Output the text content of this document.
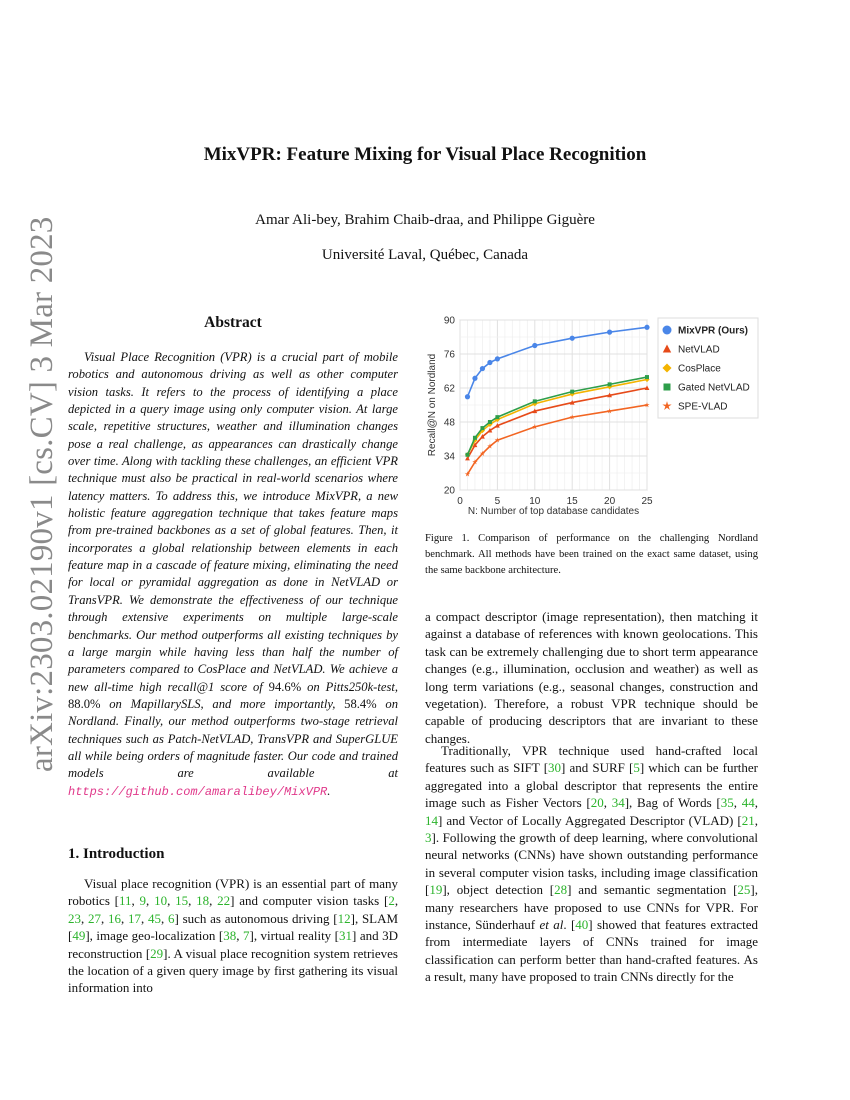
arXiv:2303.02190v1 [cs.CV] 3 Mar 2023
MixVPR: Feature Mixing for Visual Place Recognition
Amar Ali-bey, Brahim Chaib-draa, and Philippe Giguère
Université Laval, Québec, Canada
Abstract
Visual Place Recognition (VPR) is a crucial part of mobile robotics and autonomous driving as well as other computer vision tasks. It refers to the process of identifying a place depicted in a query image using only computer vision. At large scale, repetitive structures, weather and illumination changes pose a real challenge, as appearances can drastically change over time. Along with tackling these challenges, an efficient VPR technique must also be practical in real-world scenarios where latency matters. To address this, we introduce MixVPR, a new holistic feature aggregation technique that takes feature maps from pre-trained backbones as a set of global features. Then, it incorporates a global relationship between elements in each feature map in a cascade of feature mixing, eliminating the need for local or pyramidal aggregation as done in NetVLAD or TransVPR. We demonstrate the effectiveness of our technique through extensive experiments on multiple large-scale benchmarks. Our method outperforms all existing techniques by a large margin while having less than half the number of parameters compared to CosPlace and NetVLAD. We achieve a new all-time high recall@1 score of 94.6% on Pitts250k-test, 88.0% on MapillarySLS, and more importantly, 58.4% on Nordland. Finally, our method outperforms two-stage retrieval techniques such as Patch-NetVLAD, TransVPR and SuperGLUE all while being orders of magnitude faster. Our code and trained models are available at https://github.com/amaralibey/MixVPR.
1. Introduction
Visual place recognition (VPR) is an essential part of many robotics [11, 9, 10, 15, 18, 22] and computer vision tasks [2, 23, 27, 16, 17, 45, 6] such as autonomous driving [12], SLAM [49], image geo-localization [38, 7], virtual reality [31] and 3D reconstruction [29]. A visual place recognition system retrieves the location of a given query image by first gathering its visual information into
0	5	10	15	20	25
20
34
48
62
76
90
N: Number of top database candidates
Recall@N on Nordland
MixVPR (Ours)
NetVLAD
CosPlace
Gated NetVLAD
SPE-VLAD
Figure 1. Comparison of performance on the challenging Nordland benchmark. All methods have been trained on the exact same dataset, using the same backbone architecture.
a compact descriptor (image representation), then matching it against a database of references with known geolocations. This task can be extremely challenging due to short term appearance changes (e.g., illumination, occlusion and weather) as well as long term variations (e.g., seasonal changes, construction and vegetation). Therefore, a robust VPR technique should be capable of producing descriptors that are invariant to these changes.
Traditionally, VPR technique used hand-crafted local features such as SIFT [30] and SURF [5] which can be further aggregated into a global descriptor that represents the entire image such as Fisher Vectors [20, 34], Bag of Words [35, 44, 14] and Vector of Locally Aggregated Descriptor (VLAD) [21, 3]. Following the growth of deep learning, where convolutional neural networks (CNNs) have shown outstanding performance in several computer vision tasks, including image classification [19], object detection [28] and semantic segmentation [25], many researchers have proposed to use CNNs for VPR. For instance, Sünderhauf et al. [40] showed that features extracted from intermediate layers of CNNs trained for image classification can perform better than hand-crafted features. As a result, many have proposed to train CNNs directly for the
